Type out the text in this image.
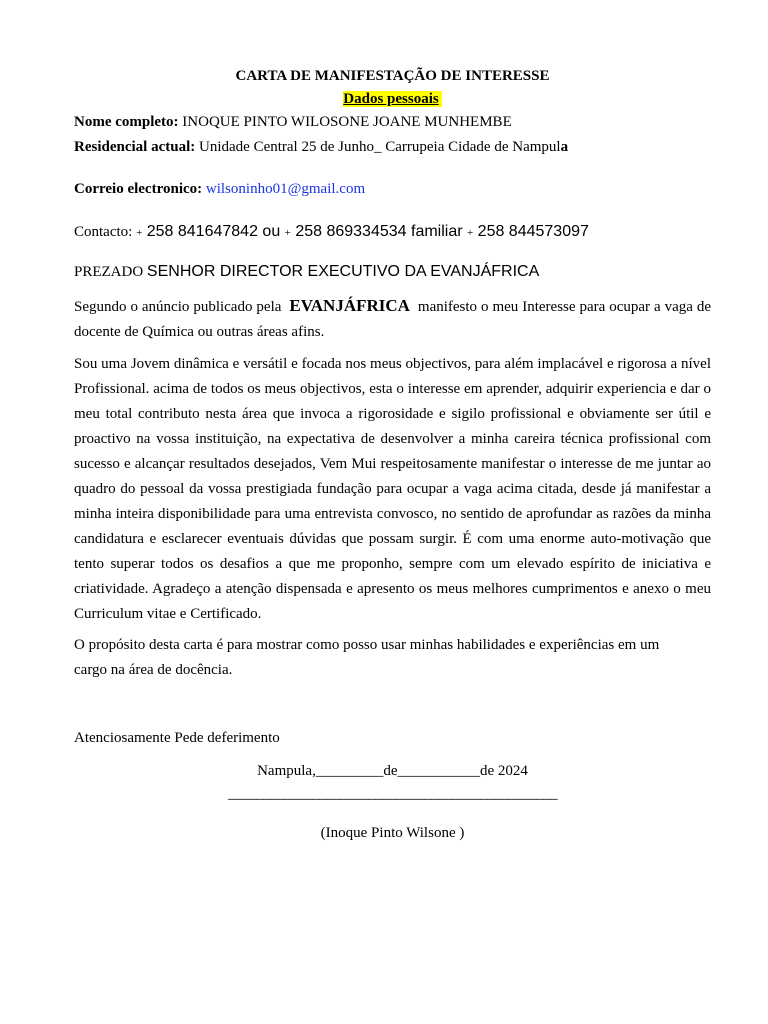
CARTA DE MANIFESTAÇÃO DE INTERESSE

Dados pessoais

Nome completo: INOQUE PINTO WILOSONE JOANE MUNHEMBE

Residencial actual: Unidade Central 25 de Junho_ Carrupeia Cidade de Nampula

Correio electronico: wilsoninho01@gmail.com

Contacto: + 258 841647842 ou + 258 869334534 familiar + 258 844573097

PREZADO SENHOR DIRECTOR EXECUTIVO DA EVANJÁFRICA

Segundo o anúncio publicado pela EVANJÁFRICA manifesto o meu Interesse para ocupar a vaga de docente de Química ou outras áreas afins.

Sou uma Jovem dinâmica e versátil e focada nos meus objectivos, para além implacável e rigorosa a nível Profissional. acima de todos os meus objectivos, esta o interesse em aprender, adquirir experiencia e dar o meu total contributo nesta área que invoca a rigorosidade e sigilo profissional e obviamente ser útil e proactivo na vossa instituição, na expectativa de desenvolver a minha careira técnica profissional com sucesso e alcançar resultados desejados, Vem Mui respeitosamente manifestar o interesse de me juntar ao quadro do pessoal da vossa prestigiada fundação para ocupar a vaga acima citada, desde já manifestar a minha inteira disponibilidade para uma entrevista convosco, no sentido de aprofundar as razões da minha candidatura e esclarecer eventuais dúvidas que possam surgir. É com uma enorme auto-motivação que tento superar todos os desafios a que me proponho, sempre com um elevado espírito de iniciativa e criatividade. Agradeço a atenção dispensada e apresento os meus melhores cumprimentos e anexo o meu Curriculum vitae e Certificado.

O propósito desta carta é para mostrar como posso usar minhas habilidades e experiências em um
cargo na área de docência.

Atenciosamente Pede deferimento
Nampula,_________de___________de 2024
_______________________________________________
(Inoque Pinto Wilsone )
